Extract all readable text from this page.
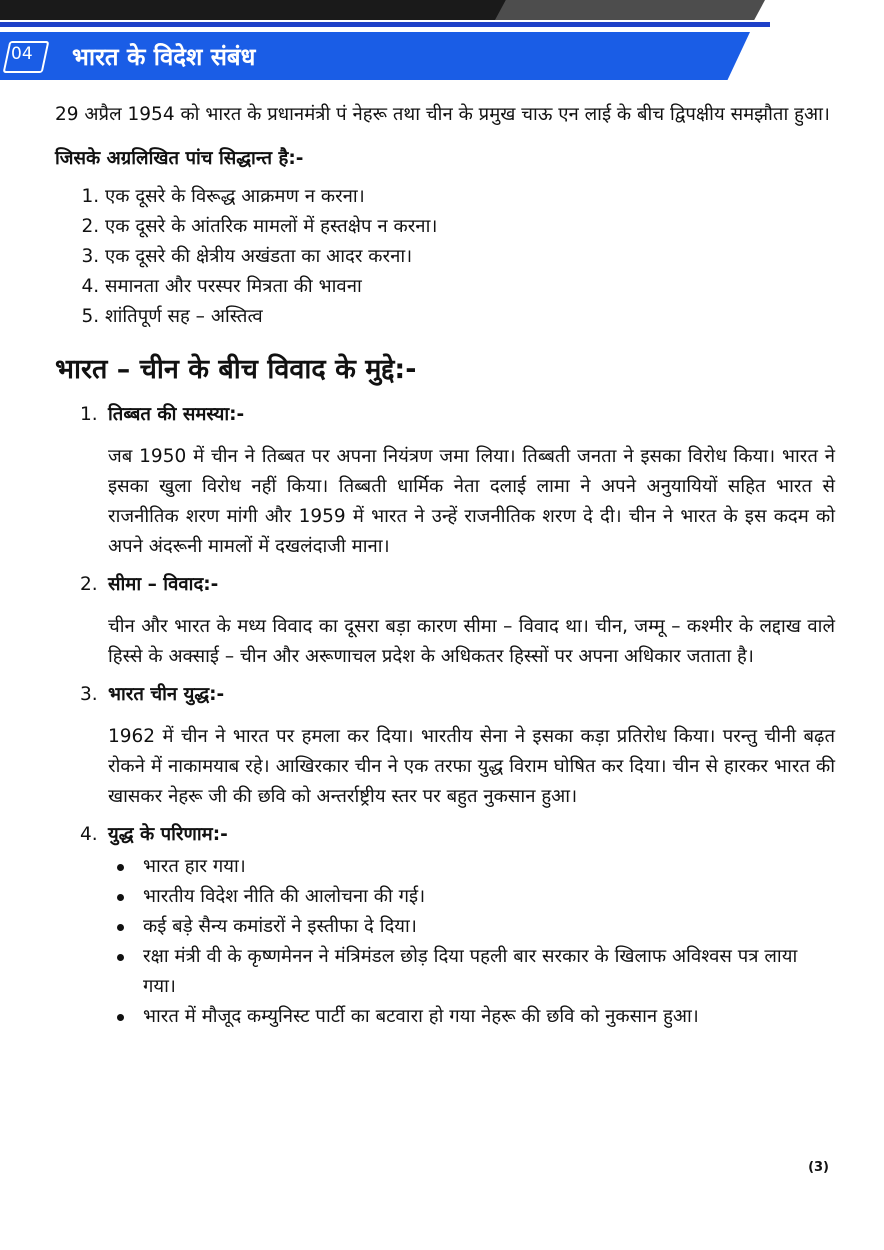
04 भारत के विदेश संबंध

29 अप्रैल 1954 को भारत के प्रधानमंत्री पं नेहरू तथा चीन के प्रमुख चाऊ एन लाई के बीच द्विपक्षीय समझौता हुआ।

जिसके अग्रलिखित पांच सिद्धान्त है:-
1. एक दूसरे के विरूद्ध आक्रमण न करना।
2. एक दूसरे के आंतरिक मामलों में हस्तक्षेप न करना।
3. एक दूसरे की क्षेत्रीय अखंडता का आदर करना।
4. समानता और परस्पर मित्रता की भावना
5. शांतिपूर्ण सह – अस्तित्व
भारत – चीन के बीच विवाद के मुद्दे:-
1. तिब्बत की समस्या:-
जब 1950 में चीन ने तिब्बत पर अपना नियंत्रण जमा लिया। तिब्बती जनता ने इसका विरोध किया। भारत ने इसका खुला विरोध नहीं किया। तिब्बती धार्मिक नेता दलाई लामा ने अपने अनुयायियों सहित भारत से राजनीतिक शरण मांगी और 1959 में भारत ने उन्हें राजनीतिक शरण दे दी। चीन ने भारत के इस कदम को अपने अंदरूनी मामलों में दखलंदाजी माना।
2. सीमा – विवाद:-
चीन और भारत के मध्य विवाद का दूसरा बड़ा कारण सीमा – विवाद था। चीन, जम्मू – कश्मीर के लद्दाख वाले हिस्से के अक्साई – चीन और अरूणाचल प्रदेश के अधिकतर हिस्सों पर अपना अधिकार जताता है।
3. भारत चीन युद्ध:-
1962 में चीन ने भारत पर हमला कर दिया। भारतीय सेना ने इसका कड़ा प्रतिरोध किया। परन्तु चीनी बढ़त रोकने में नाकामयाब रहे। आखिरकार चीन ने एक तरफा युद्ध विराम घोषित कर दिया। चीन से हारकर भारत की खासकर नेहरू जी की छवि को अन्तर्राष्ट्रीय स्तर पर बहुत नुकसान हुआ।
4. युद्ध के परिणाम:-
भारत हार गया।
भारतीय विदेश नीति की आलोचना की गई।
कई बड़े सैन्य कमांडरों ने इस्तीफा दे दिया।
रक्षा मंत्री वी के कृष्णमेनन ने मंत्रिमंडल छोड़ दिया पहली बार सरकार के खिलाफ अविश्वस पत्र लाया गया।
भारत में मौजूद कम्युनिस्ट पार्टी का बटवारा हो गया नेहरू की छवि को नुकसान हुआ।
(3)
